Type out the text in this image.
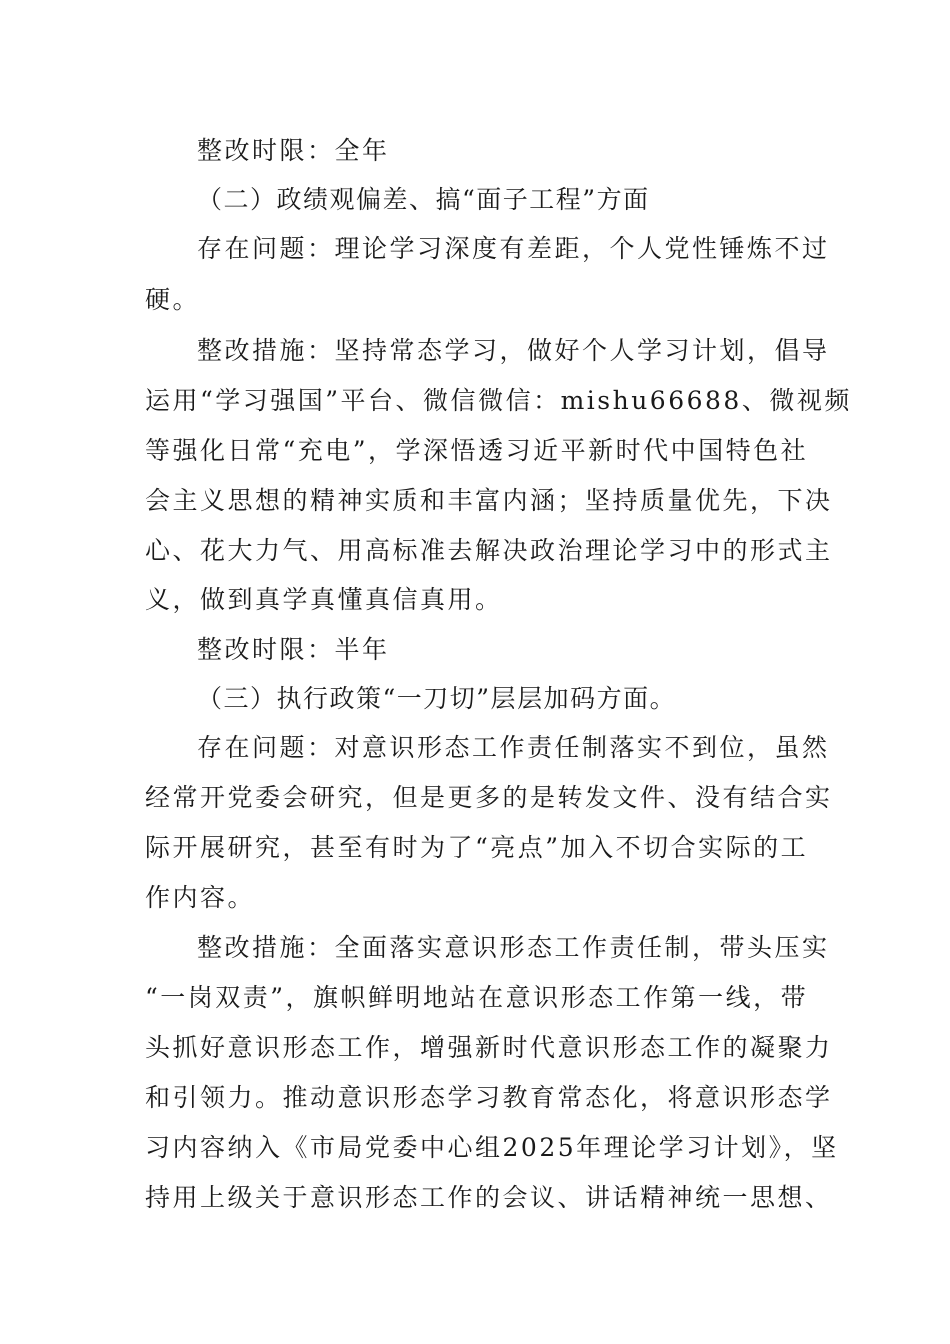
整改时限：全年
（二）政绩观偏差、搞“面子工程”方面
存在问题：理论学习深度有差距，个人党性锤炼不过
硬。
整改措施：坚持常态学习，做好个人学习计划，倡导
运用“学习强国”平台、微信微信：mishu66688、微视频
等强化日常“充电”，学深悟透习近平新时代中国特色社
会主义思想的精神实质和丰富内涵；坚持质量优先，下决
心、花大力气、用高标准去解决政治理论学习中的形式主
义，做到真学真懂真信真用。
整改时限：半年
（三）执行政策“一刀切”层层加码方面。
存在问题：对意识形态工作责任制落实不到位，虽然
经常开党委会研究，但是更多的是转发文件、没有结合实
际开展研究，甚至有时为了“亮点”加入不切合实际的工
作内容。
整改措施：全面落实意识形态工作责任制，带头压实
“一岗双责”，旗帜鲜明地站在意识形态工作第一线，带
头抓好意识形态工作，增强新时代意识形态工作的凝聚力
和引领力。推动意识形态学习教育常态化，将意识形态学
习内容纳入《市局党委中心组2025年理论学习计划》，坚
持用上级关于意识形态工作的会议、讲话精神统一思想、
